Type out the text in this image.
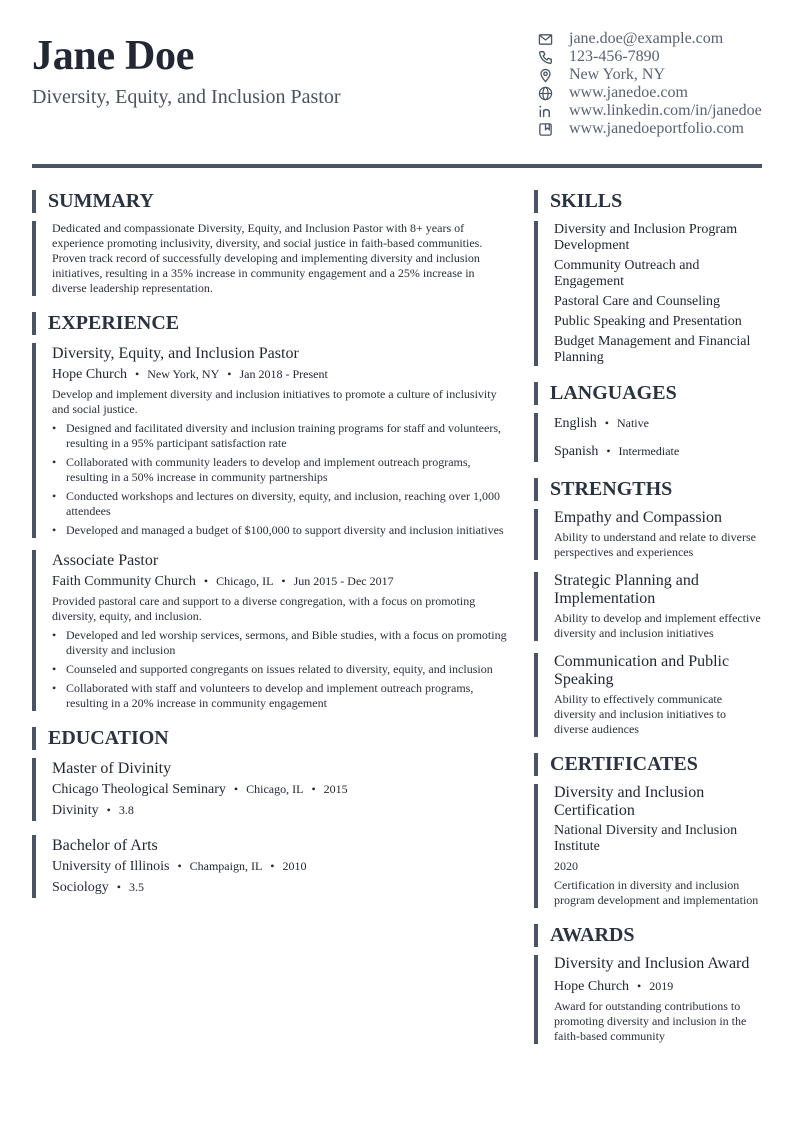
Jane Doe
Diversity, Equity, and Inclusion Pastor
jane.doe@example.com
123-456-7890
New York, NY
www.janedoe.com
www.linkedin.com/in/janedoe
www.janedoeportfolio.com
SUMMARY
Dedicated and compassionate Diversity, Equity, and Inclusion Pastor with 8+ years of experience promoting inclusivity, diversity, and social justice in faith-based communities. Proven track record of successfully developing and implementing diversity and inclusion initiatives, resulting in a 35% increase in community engagement and a 25% increase in diverse leadership representation.
EXPERIENCE
Diversity, Equity, and Inclusion Pastor
Hope Church • New York, NY • Jan 2018 - Present
Develop and implement diversity and inclusion initiatives to promote a culture of inclusivity and social justice.
• Designed and facilitated diversity and inclusion training programs for staff and volunteers, resulting in a 95% participant satisfaction rate
• Collaborated with community leaders to develop and implement outreach programs, resulting in a 50% increase in community partnerships
• Conducted workshops and lectures on diversity, equity, and inclusion, reaching over 1,000 attendees
• Developed and managed a budget of $100,000 to support diversity and inclusion initiatives
Associate Pastor
Faith Community Church • Chicago, IL • Jun 2015 - Dec 2017
Provided pastoral care and support to a diverse congregation, with a focus on promoting diversity, equity, and inclusion.
• Developed and led worship services, sermons, and Bible studies, with a focus on promoting diversity and inclusion
• Counseled and supported congregants on issues related to diversity, equity, and inclusion
• Collaborated with staff and volunteers to develop and implement outreach programs, resulting in a 20% increase in community engagement
EDUCATION
Master of Divinity
Chicago Theological Seminary • Chicago, IL • 2015
Divinity • 3.8
Bachelor of Arts
University of Illinois • Champaign, IL • 2010
Sociology • 3.5
SKILLS
Diversity and Inclusion Program Development
Community Outreach and Engagement
Pastoral Care and Counseling
Public Speaking and Presentation
Budget Management and Financial Planning
LANGUAGES
English • Native
Spanish • Intermediate
STRENGTHS
Empathy and Compassion
Ability to understand and relate to diverse perspectives and experiences
Strategic Planning and Implementation
Ability to develop and implement effective diversity and inclusion initiatives
Communication and Public Speaking
Ability to effectively communicate diversity and inclusion initiatives to diverse audiences
CERTIFICATES
Diversity and Inclusion Certification
National Diversity and Inclusion Institute
2020
Certification in diversity and inclusion program development and implementation
AWARDS
Diversity and Inclusion Award
Hope Church • 2019
Award for outstanding contributions to promoting diversity and inclusion in the faith-based community
